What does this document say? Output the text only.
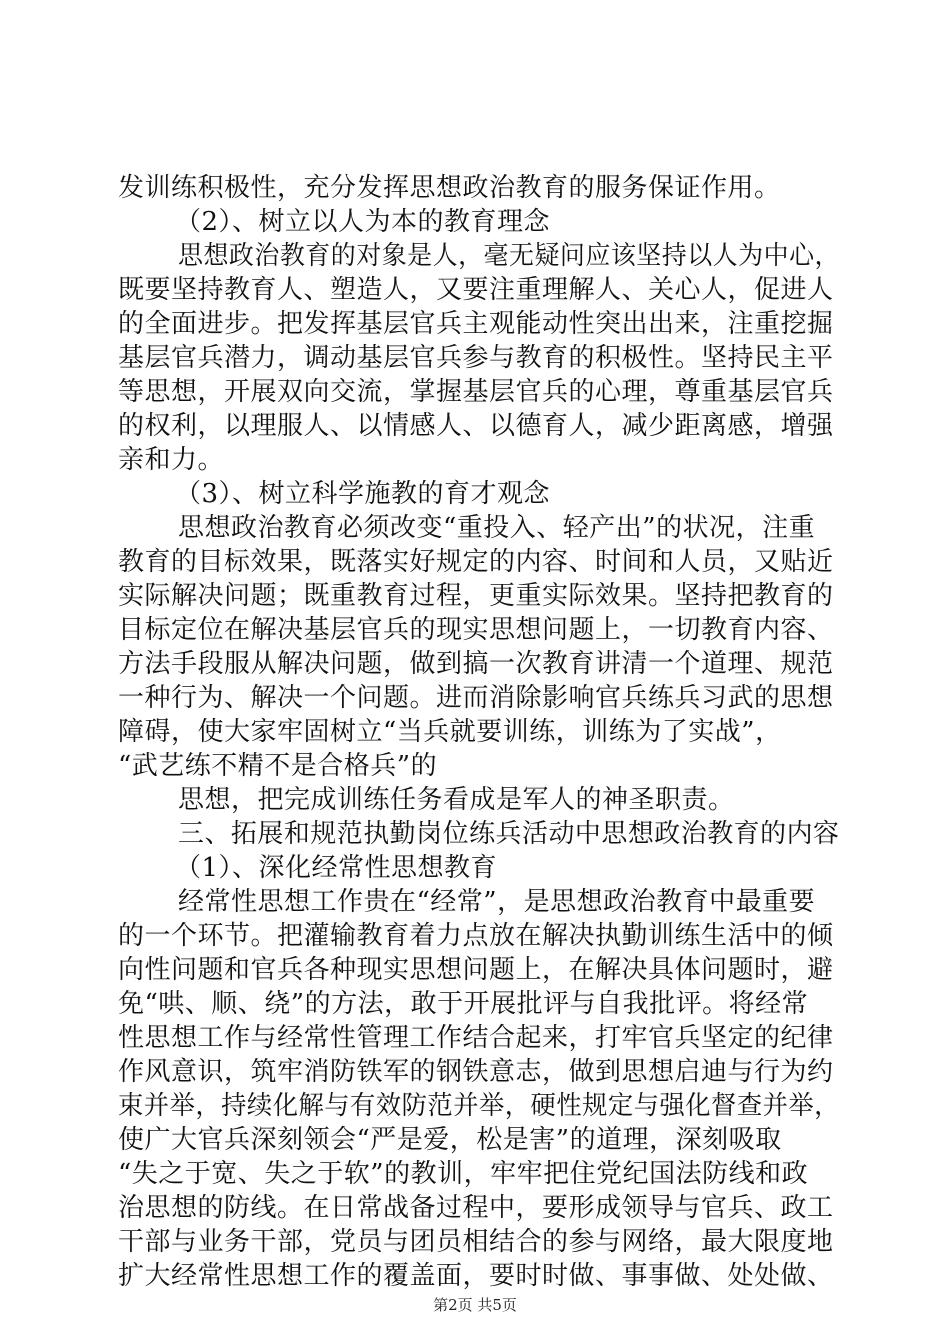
发训练积极性，充分发挥思想政治教育的服务保证作用。
（2）、树立以人为本的教育理念
思想政治教育的对象是人，毫无疑问应该坚持以人为中心，
既要坚持教育人、塑造人，又要注重理解人、关心人，促进人
的全面进步。把发挥基层官兵主观能动性突出出来，注重挖掘
基层官兵潜力，调动基层官兵参与教育的积极性。坚持民主平
等思想，开展双向交流，掌握基层官兵的心理，尊重基层官兵
的权利，以理服人、以情感人、以德育人，减少距离感，增强
亲和力。
（3）、树立科学施教的育才观念
思想政治教育必须改变“重投入、轻产出”的状况，注重
教育的目标效果，既落实好规定的内容、时间和人员，又贴近
实际解决问题；既重教育过程，更重实际效果。坚持把教育的
目标定位在解决基层官兵的现实思想问题上，一切教育内容、
方法手段服从解决问题，做到搞一次教育讲清一个道理、规范
一种行为、解决一个问题。进而消除影响官兵练兵习武的思想
障碍，使大家牢固树立“当兵就要训练，训练为了实战”，
“武艺练不精不是合格兵”的
思想，把完成训练任务看成是军人的神圣职责。
三、拓展和规范执勤岗位练兵活动中思想政治教育的内容
（1）、深化经常性思想教育
经常性思想工作贵在“经常”，是思想政治教育中最重要
的一个环节。把灌输教育着力点放在解决执勤训练生活中的倾
向性问题和官兵各种现实思想问题上，在解决具体问题时，避
免“哄、顺、绕”的方法，敢于开展批评与自我批评。将经常
性思想工作与经常性管理工作结合起来，打牢官兵坚定的纪律
作风意识，筑牢消防铁军的钢铁意志，做到思想启迪与行为约
束并举，持续化解与有效防范并举，硬性规定与强化督查并举，
使广大官兵深刻领会“严是爱，松是害”的道理，深刻吸取
“失之于宽、失之于软”的教训，牢牢把住党纪国法防线和政
治思想的防线。在日常战备过程中，要形成领导与官兵、政工
干部与业务干部，党员与团员相结合的参与网络，最大限度地
扩大经常性思想工作的覆盖面，要时时做、事事做、处处做、
第2页 共5页
